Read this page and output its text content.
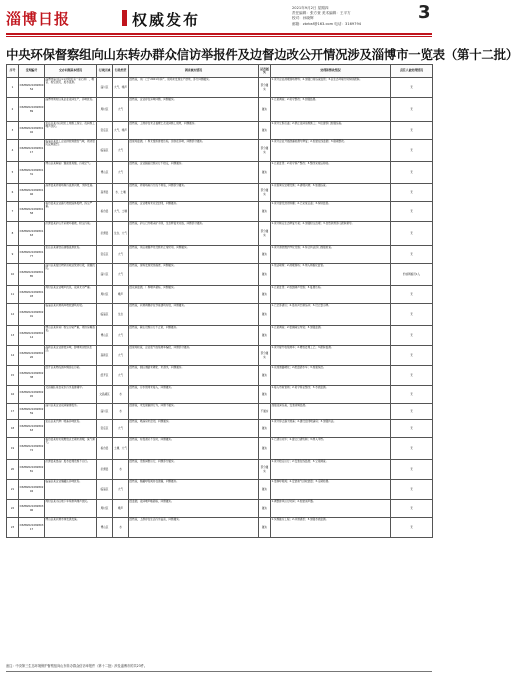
淄博日报	权威发布
2021年9月2日 星期四
责任编辑：张方萱 美术编辑：王平方
校对：孙晓辉
邮箱：zbrbsf@163.com 电话：3169794
3
中央环保督察组向山东转办群众信访举报件及边督边改公开情况涉及淄博市一览表（第十二批）
序号	受理编号	交办问题基本情况	行政区域	污染类型	调查核实情况	是否属实	处理和整改情况	责任人被处理情况
1	D3ZB202108280054	淄博市淄川区××村附近有一家石料厂，噪音、粉尘扰民，废水直排。	淄川区	大气、噪声	经核查，该厂已于2021年停产，现场未发现生产迹象，部分问题属实。	部分属实	1.责令企业清理现场物料；2.加强日常巡查监管；3.区生态环境分局持续跟踪。	无
2	D3ZB202108280089	淄博市周村区某企业夜间生产，异味扰民。	周村区	大气	经核查，企业存在异味问题，问题属实。	属实	1.立案调查；2.责令整改；3.加强监测。	无
3	D3ZB202108280102	张店区某小区附近工地施工扬尘、夜间施工噪声扰民。	张店区	大气、噪声	经核查，工地存在未苫盖裸土及夜间施工现象，问题属实。	属实	1.责令立即苫盖；2.禁止夜间违规施工；3.住建部门加强巡查。	无
4	D3ZB202108280117	临淄区某化工企业排放刺激性气味，周边居民反映强烈。	临淄区	大气	经现场监测，厂界无组织排放达标，但存在异味，问题部分属实。	部分属实	1.责令企业开展泄漏检测与修复；2.加装在线监测；3.限期整改。	无
5	D3ZB202108280131	博山区某陶瓷厂烟囱冒黑烟，污染空气。	博山区	大气	经核查，企业脱硫设施运行不稳定，问题属实。	属实	1.立案处罚；2.责令停产整改；3.整改完成后验收。	无
6	D3ZB202108280146	高青县某养殖场粪污直排河道，水体发臭。	高青县	水、土壤	经核查，养殖场雨污分流不彻底，问题部分属实。	部分属实	1.完善粪污处理设施；2.清理河道；3.加强巡查。	无
7	D3ZB202108280158	桓台县某企业露天堆放固体废物，扬尘严重。	桓台县	大气、土壤	经核查，企业堆场未完全封闭，问题属实。	属实	1.责令建设封闭料棚；2.已完成苫盖；3.持续监管。	无
8	D3ZB202108280163	沂源县某矿山开采破坏植被，粉尘污染。	沂源县	生态、大气	经核查，矿山已办理采矿手续，生态修复未完成，问题部分属实。	部分属实	1.责令制定生态修复方案；2.加强粉尘治理；3.自然资源部门跟踪督导。	无
9	D3ZB202108280177	张店区某餐饮店油烟直排扰民。	张店区	大气	经核查，该店油烟净化设施未正常使用，问题属实。	属实	1.责令清洗维护净化设施；2.综合执法部门加强检查。	无
10	D3ZB202108280185	淄川区某废旧物资回收站焚烧垃圾，黑烟扰民。	淄川区	大气	经核查，现场发现焚烧痕迹，问题属实。	属实	1.依法取缔；2.清理现场；3.纳入网格化监管。	约谈网格员1人
11	D3ZB202108280193	周村区某企业噪声扰民，夜间尤为严重。	周村区	噪声	经夜间监测，厂界噪声超标，问题属实。	属实	1.立案处罚；2.加装隔声设施；3.复测达标。	无
12	D3ZB202108280201	临淄区某河道两岸堆放建筑垃圾。	临淄区	生态	经核查，河道两侧存在零星建筑垃圾，问题属实。	属实	1.已全部清运；2.落实河长制巡河；3.设立警示牌。	无
13	D3ZB202108280214	博山区某铸造厂粉尘污染严重，周边房屋落灰。	博山区	大气	经核查，除尘设施运行不正常，问题属实。	属实	1.立案调查；2.更换除尘布袋；3.加强监测。	无
14	D3ZB202108280226	高新区某企业排放异味，影响周边居民生活。	高新区	大气	经现场检查，企业废气收集效率偏低，问题部分属实。	部分属实	1.责令提升收集效率；2.增加处理工艺；3.跟踪监测。	无
15	D3ZB202108280238	经开区某物流园车辆扬尘污染。	经开区	大气	经核查，园区道路未硬化、未洒水，问题属实。	属实	1.完成道路硬化；2.配置洒水车；3.加强保洁。	无
16	D3ZB202108280245	文昌湖区某农家乐污水直排湖中。	文昌湖区	水	经核查，污水管网未接入，问题属实。	属实	1.接入市政管网；2.责令停业整改；3.水质监测。	无
17	D3ZB202108280259	淄川区某企业夜间偷排废水。	淄川区	水	经排查，未发现偷排行为，问题不属实。	不属实	加强夜间巡查，安装视频监控。	无
18	D3ZB202108280263	张店区某汽修厂喷漆异味扰民。	张店区	大气	经核查，喷漆房未密闭，问题属实。	属实	1.责令停止露天喷漆；2.建设密闭喷漆房；3.加强执法。	无
19	D3ZB202108280272	桓台县某村垃圾堆放点长期未清理，臭气熏天。	桓台县	土壤、大气	经核查，垃圾清运不及时，问题属实。	属实	1.已清运完毕；2.建立日清机制；3.纳入考核。	无
20	D3ZB202108280281	沂源县某食品厂废水处理设施不运行。	沂源县	水	经核查，设施间歇运行，问题部分属实。	部分属实	1.责令稳定运行；2.安装在线监控；3.立案调查。	无
21	D3ZB202108280294	临淄区某企业储罐区异味扰民。	临淄区	大气	经核查，储罐呼吸阀存在泄漏，问题属实。	属实	1.更换呼吸阀；2.安装油气回收装置；3.定期检测。	无
22	D3ZB202108280306	周村区某小区地下车库排风噪声扰民。	周村区	噪声	经监测，夜间噪声略超标，问题属实。	属实	1.调整排风运行时间；2.加装消声器。	无
23	D3ZB202108280317	博山区某河道水体发黑发臭。	博山区	水	经核查，上游存在生活污水溢流，问题属实。	属实	1.实施截污工程；2.河道清淤；3.加强水质监测。	无
备注：中央第三生态环境保护督察组向山东转办群众信访举报件（第十二批）涉及淄博市的共23件。
